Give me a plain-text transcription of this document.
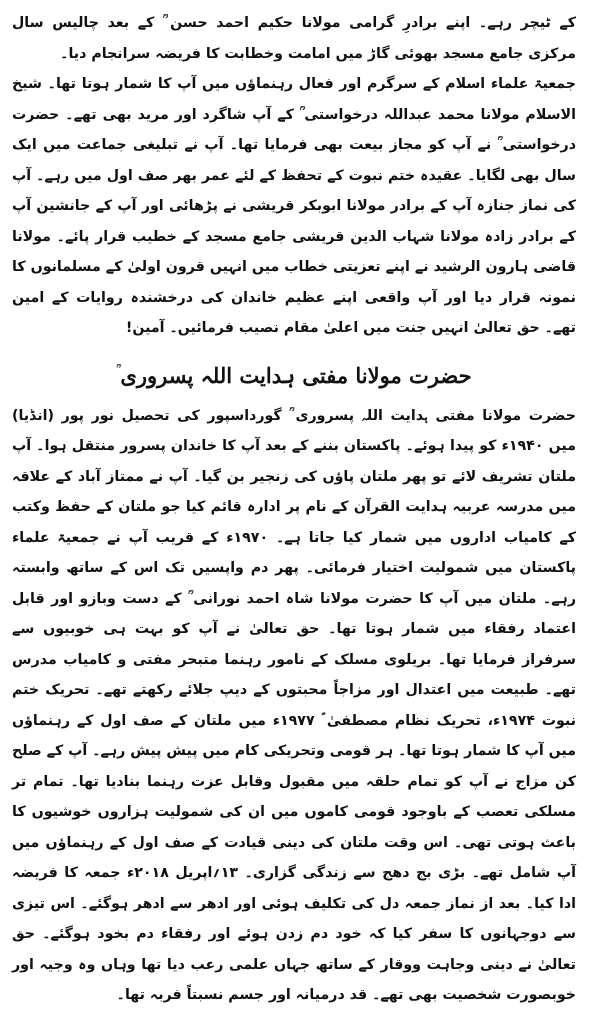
کے ٹیچر رہے۔ اپنے برادرِ گرامی مولانا حکیم احمد حسن ؒ کے بعد چالیس سال مرکزی جامع مسجد بھوئی گاڑ میں امامت وخطابت کا فریضہ سرانجام دیا۔

جمعیۃ علماء اسلام کے سرگرم اور فعال رہنماؤں میں آپ کا شمار ہوتا تھا۔ شیخ الاسلام مولانا محمد عبداللہ درخواستی ؒ کے آپ شاگرد اور مرید بھی تھے۔ حضرت درخواستی ؒ نے آپ کو مجاز بیعت بھی فرمایا تھا۔ آپ نے تبلیغی جماعت میں ایک سال بھی لگایا۔ عقیدہ ختم نبوت کے تحفظ کے لئے عمر بھر صف اول میں رہے۔ آپ کی نماز جنازہ آپ کے برادر مولانا ابوبکر قریشی نے پڑھائی اور آپ کے جانشین آپ کے برادر زادہ مولانا شہاب الدین قریشی جامع مسجد کے خطیب قرار پائے۔ مولانا قاضی ہارون الرشید نے اپنے تعزیتی خطاب میں انہیں قرون اولیٰ کے مسلمانوں کا نمونہ قرار دیا اور آپ واقعی اپنے عظیم خاندان کی درخشندہ روایات کے امین تھے۔ حق تعالیٰ انہیں جنت میں اعلیٰ مقام نصیب فرمائیں۔ آمین!

حضرت مولانا مفتی ہدایت اللہ پسروری

حضرت مولانا مفتی ہدایت اللہ پسروری ؒ گورداسپور کی تحصیل نور پور (انڈیا) میں ۱۹۴۰ء کو پیدا ہوئے۔ پاکستان بننے کے بعد آپ کا خاندان پسرور منتقل ہوا۔ آپ ملتان تشریف لائے تو پھر ملتان پاؤں کی زنجیر بن گیا۔ آپ نے ممتاز آباد کے علاقہ میں مدرسہ عربیہ ہدایت القرآن کے نام پر ادارہ قائم کیا جو ملتان کے حفظ وکتب کے کامیاب اداروں میں شمار کیا جاتا ہے۔ ۱۹۷۰ء کے قریب آپ نے جمعیۃ علماء پاکستان میں شمولیت اختیار فرمائی۔ پھر دم واپسیں تک اس کے ساتھ وابستہ رہے۔ ملتان میں آپ کا حضرت مولانا شاہ احمد نورانی ؒ کے دست وبازو اور قابل اعتماد رفقاء میں شمار ہوتا تھا۔ حق تعالیٰ نے آپ کو بہت ہی خوبیوں سے سرفراز فرمایا تھا۔ بریلوی مسلک کے نامور رہنما متبحر مفتی و کامیاب مدرس تھے۔ طبیعت میں اعتدال اور مزاجاً محبتوں کے دیپ جلائے رکھتے تھے۔ تحریک ختم نبوت ۱۹۷۴ء، تحریک نظام مصطفیٰ ؐ ۱۹۷۷ء میں ملتان کے صف اول کے رہنماؤں میں آپ کا شمار ہوتا تھا۔ ہر قومی وتحریکی کام میں پیش پیش رہے۔ آپ کے صلح کن مزاج نے آپ کو تمام حلقہ میں مقبول وقابل عزت رہنما بنادیا تھا۔ تمام تر مسلکی تعصب کے باوجود قومی کاموں میں ان کی شمولیت ہزاروں خوشیوں کا باعث ہوتی تھی۔ اس وقت ملتان کی دینی قیادت کے صف اول کے رہنماؤں میں آپ شامل تھے۔ بڑی بج دھج سے زندگی گزاری۔ ۱۳؍اپریل ۲۰۱۸ء جمعہ کا فریضہ ادا کیا۔ بعد از نماز جمعہ دل کی تکلیف ہوئی اور ادھر سے ادھر ہوگئے۔ اس تیزی سے دوجہانوں کا سفر کیا کہ خود دم زدن ہوئے اور رفقاء دم بخود ہوگئے۔ حق تعالیٰ نے دینی وجاہت ووقار کے ساتھ جہاں علمی رعب دیا تھا وہاں وہ وجیہ اور خوبصورت شخصیت بھی تھے۔ قد درمیانہ اور جسم نسبتاً فربہ تھا۔
